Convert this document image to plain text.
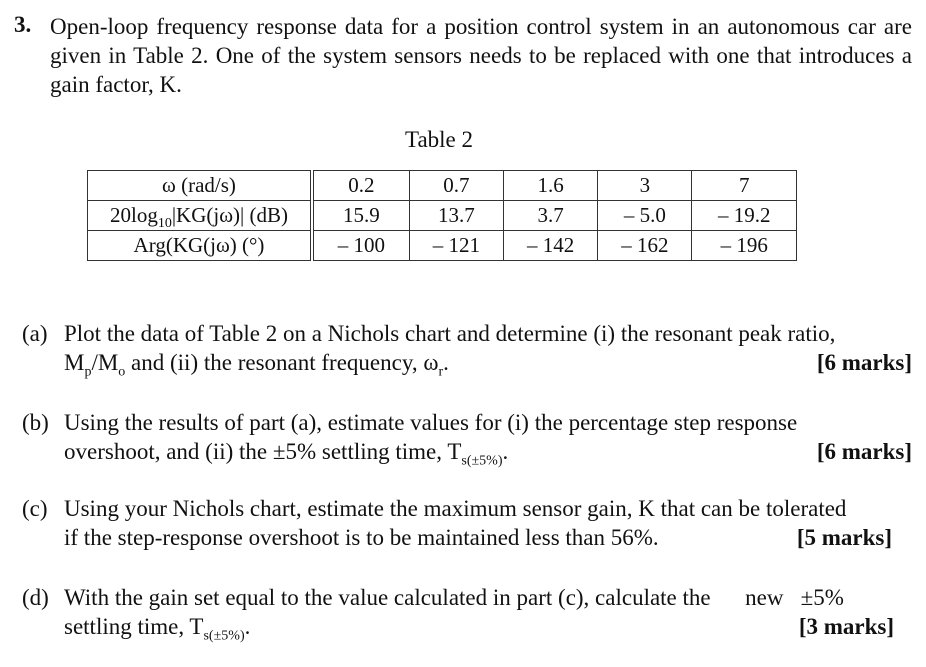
3. Open-loop frequency response data for a position control system in an autonomous car are given in Table 2. One of the system sensors needs to be replaced with one that introduces a gain factor, K.
Table 2
ω (rad/s)	0.2	0.7	1.6	3	7
$20\log_{10}|KG(j\omega)|$ (dB)	15.9	13.7	3.7	– 5.0	– 19.2
Arg(KG(jω) (°)	– 100	– 121	– 142	– 162	– 196
(a) Plot the data of Table 2 on a Nichols chart and determine (i) the resonant peak ratio,
$M_p/M_o$ and (ii) the resonant frequency, $\omega_r$.	[6 marks]
(b) Using the results of part (a), estimate values for (i) the percentage step response
overshoot, and (ii) the ±5% settling time, $T_{s(\pm 5\%)}$.	[6 marks]
(c) Using your Nichols chart, estimate the maximum sensor gain, K that can be tolerated
if the step-response overshoot is to be maintained less than 56%.	[5 marks]
(d) With the gain set equal to the value calculated in part (c), calculate the      new   ±5%
settling time, $T_{s(\pm 5\%)}$.	[3 marks]
